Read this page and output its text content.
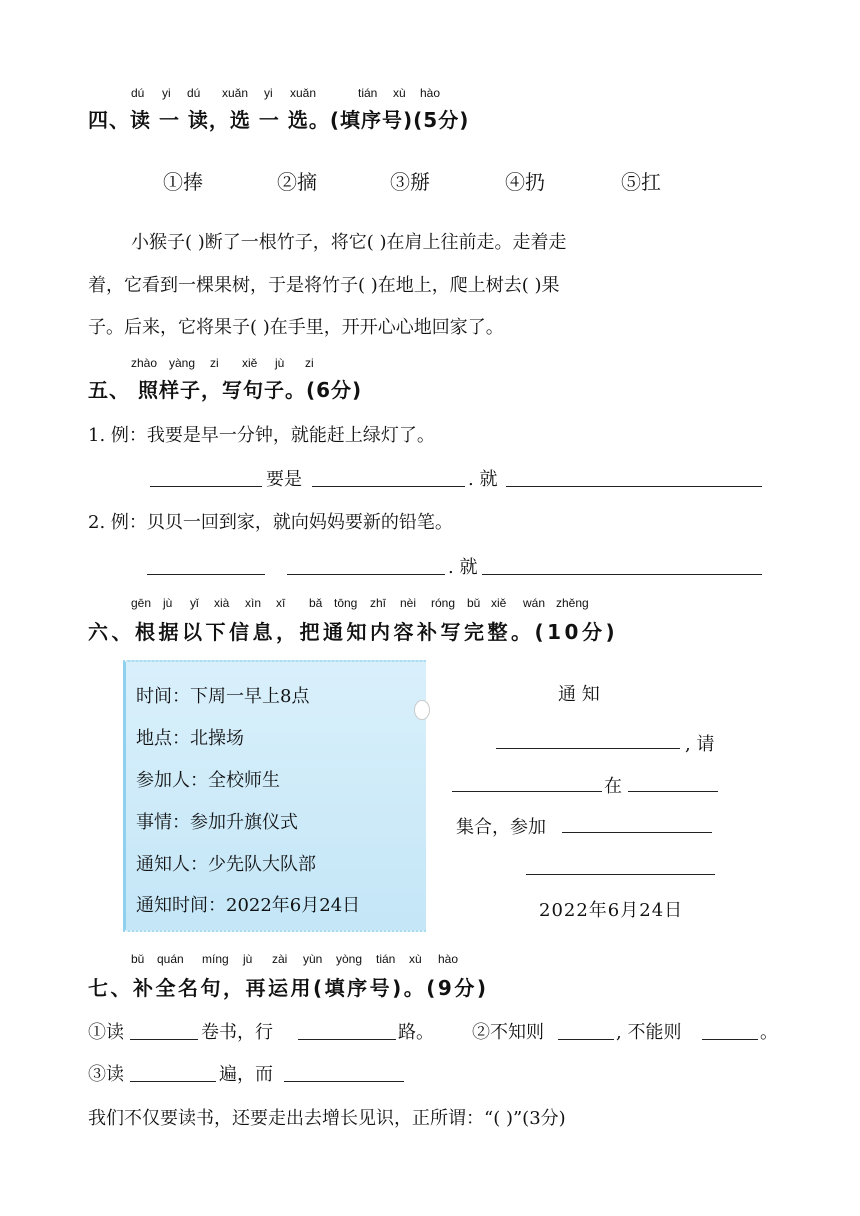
dú yi dú xuǎn yi xuǎn	tián xù hào
四、读 一 读，选 一 选。(填序号)(5分)
①捧	②摘	③掰	④扔	⑤扛
小猴子( )断了一根竹子，将它( )在肩上往前走。走着走
着，它看到一棵果树，于是将竹子( )在地上，爬上树去( )果
子。后来，它将果子( )在手里，开开心心地回家了。
zhào yàng zi xiě jù zi
五、 照样子，写句子。(6分)
1. 例：我要是早一分钟，就能赶上绿灯了。
要是	. 就
2. 例：贝贝一回到家，就向妈妈要新的铅笔。
. 就
gēn jù yǐ xià xìn xī bǎ tōng zhī nèi róng bǔ xiě wán zhěng
六、根据以下信息，把通知内容补写完整。(10分)
时间：下周一早上8点
地点：北操场
参加人：全校师生
事情：参加升旗仪式
通知人：少先队大队部
通知时间：2022年6月24日
通 知
, 请
在
集合，参加
2022年6月24日
bǔ quán míng jù zài yùn yòng tián xù hào
七、补全名句，再运用(填序号)。(9分)
①读	卷书，行	路。 ②不知则	, 不能则	。
③读	遍，而
我们不仅要读书，还要走出去增长见识，正所谓：“( )”(3分)
